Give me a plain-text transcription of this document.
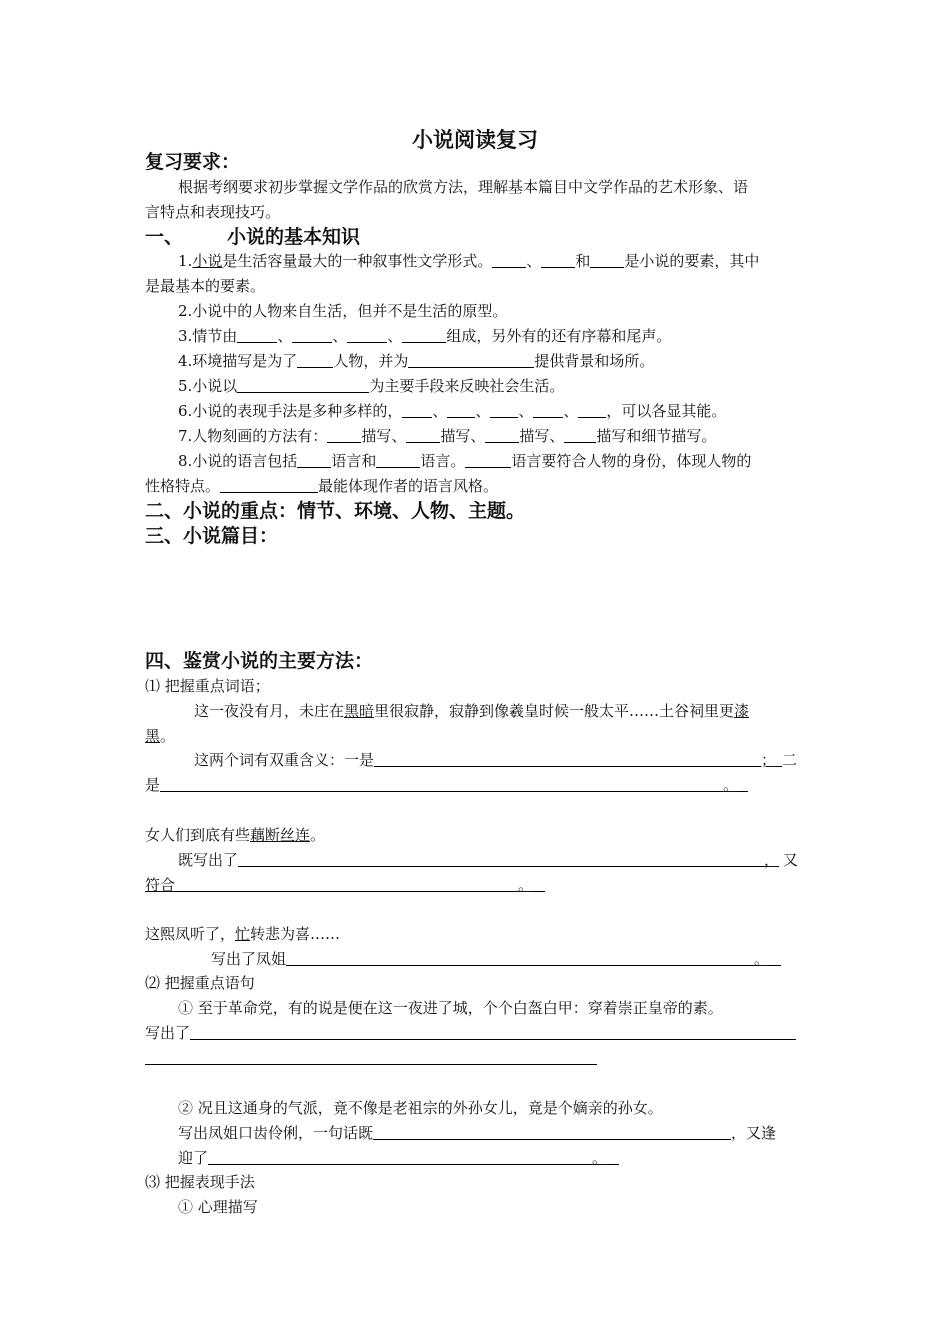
小说阅读复习
复习要求：
根据考纲要求初步掌握文学作品的欣赏方法，理解基本篇目中文学作品的艺术形象、语
言特点和表现技巧。
一、 小说的基本知识
1.小说是生活容量最大的一种叙事性文学形式。 、 和 是小说的要素，其中
是最基本的要素。
2.小说中的人物来自生活，但并不是生活的原型。
3.情节由	、	、	、	组成，另外有的还有序幕和尾声。
4.环境描写是为了 人物，并为	提供背景和场所。
5.小说以	为主要手段来反映社会生活。
6.小说的表现手法是多种多样的， 、 、 、 、 ，可以各显其能。
7.人物刻画的方法有： 描写、 描写、 描写、 描写和细节描写。
8.小说的语言包括 语言和	语言。	语言要符合人物的身份，体现人物的
性格特点。	最能体现作者的语言风格。
二、小说的重点：情节、环境、人物、主题。
三、小说篇目：
四、鉴赏小说的主要方法：
⑴ 把握重点词语；
这一夜没有月，未庄在黑暗里很寂静，寂静到像羲皇时候一般太平……土谷祠里更漆
黑。
这两个词有双重含义：一是	； 二
是	。
女人们到底有些藕断丝连。
既写出了	， 又
符合	。
这熙凤听了，忙转悲为喜……
写出了凤姐	。
⑵ 把握重点语句
① 至于革命党，有的说是便在这一夜进了城，个个白盔白甲：穿着崇正皇帝的素。
写出了
② 况且这通身的气派，竟不像是老祖宗的外孙女儿，竟是个嫡亲的孙女。
写出凤姐口齿伶俐，一句话既	，又逢
迎了	。
⑶ 把握表现手法
① 心理描写
